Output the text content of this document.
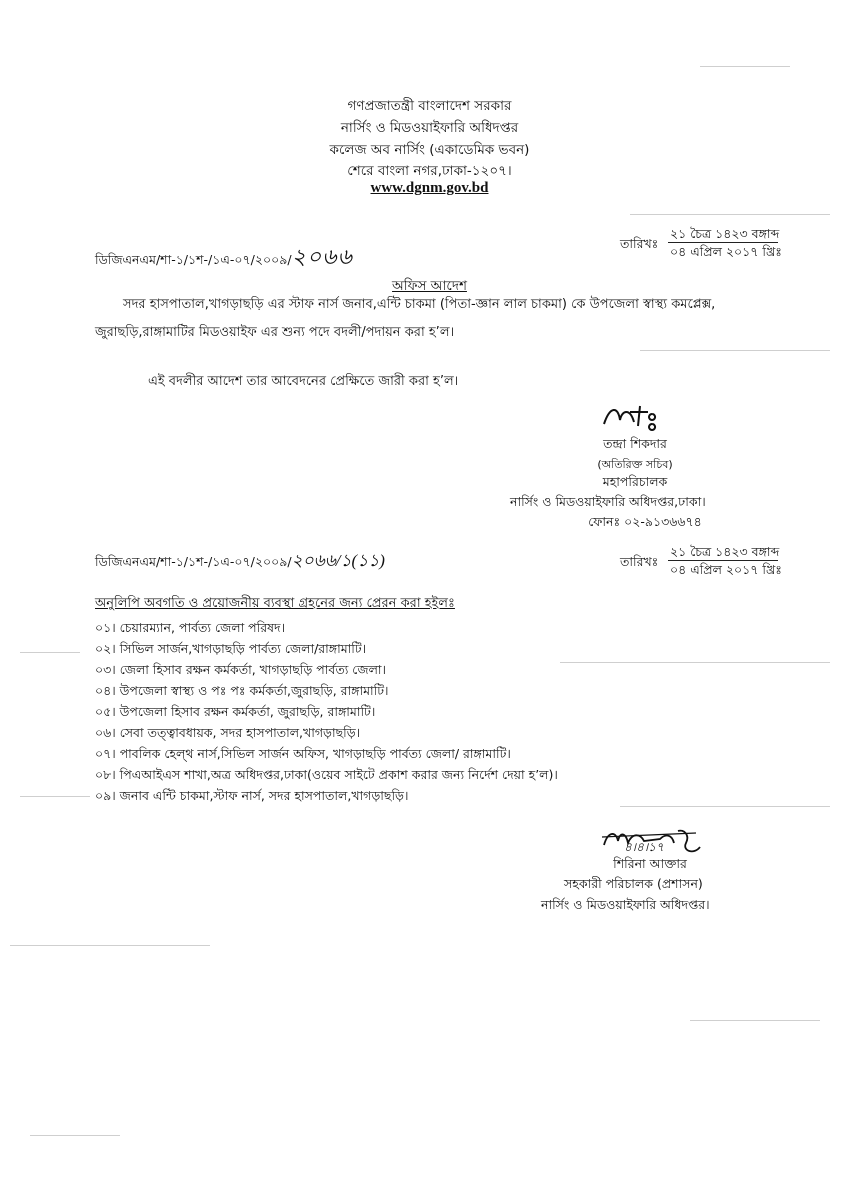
গণপ্রজাতন্ত্রী বাংলাদেশ সরকার
নার্সিং ও মিডওয়াইফারি অধিদপ্তর
কলেজ অব নার্সিং (একাডেমিক ভবন)
শেরে বাংলা নগর,ঢাকা-১২০৭।
www.dgnm.gov.bd
ডিজিএনএম/শা-১/১শ-/১এ-০৭/২০০৯/২০৬৬
তারিখঃ
২১ চৈত্র ১৪২৩ বঙ্গাব্দ
০৪ এপ্রিল ২০১৭ খ্রিঃ
অফিস আদেশ
সদর হাসপাতাল,খাগড়াছড়ি এর স্টাফ নার্স জনাব,এন্টি চাকমা (পিতা-জ্ঞান লাল চাকমা) কে উপজেলা স্বাস্থ্য কমপ্লেক্স,
জুরাছড়ি,রাঙ্গামাটির মিডওয়াইফ এর শুন্য পদে বদলী/পদায়ন করা হ’ল।
এই বদলীর আদেশ তার আবেদনের প্রেক্ষিতে জারী করা হ’ল।
তন্দ্রা শিকদার
(অতিরিক্ত সচিব)
মহাপরিচালক
নার্সিং ও মিডওয়াইফারি অধিদপ্তর,ঢাকা।
ফোনঃ ০২-৯১৩৬৬৭৪
ডিজিএনএম/শা-১/১শ-/১এ-০৭/২০০৯/২০৬৬/১(১১)	তারিখঃ
২১ চৈত্র ১৪২৩ বঙ্গাব্দ
০৪ এপ্রিল ২০১৭ খ্রিঃ
অনুলিপি অবগতি ও প্রয়োজনীয় ব্যবস্থা গ্রহনের জন্য প্রেরন করা হইলঃ
০১। চেয়ারম্যান, পার্বত্য জেলা পরিষদ।
০২। সিভিল সার্জন,খাগড়াছড়ি পার্বত্য জেলা/রাঙ্গামাটি।
০৩। জেলা হিসাব রক্ষন কর্মকর্তা, খাগড়াছড়ি পার্বত্য জেলা।
০৪। উপজেলা স্বাস্থ্য ও পঃ পঃ কর্মকর্তা,জুরাছড়ি, রাঙ্গামাটি।
০৫। উপজেলা হিসাব রক্ষন কর্মকর্তা, জুরাছড়ি, রাঙ্গামাটি।
০৬। সেবা তত্ত্বাবধায়ক, সদর হাসপাতাল,খাগড়াছড়ি।
০৭। পাবলিক হেল্থ নার্স,সিভিল সার্জন অফিস, খাগড়াছড়ি পার্বত্য জেলা/ রাঙ্গামাটি।
০৮। পিএআইএস শাখা,অত্র অধিদপ্তর,ঢাকা(ওয়েব সাইটে প্রকাশ করার জন্য নির্দেশ দেয়া হ’ল)।
০৯। জনাব এন্টি চাকমা,স্টাফ নার্স, সদর হাসপাতাল,খাগড়াছড়ি।
৪।৪।১৭
শিরিনা আক্তার
সহকারী পরিচালক (প্রশাসন)
নার্সিং ও মিডওয়াইফারি অধিদপ্তর।
